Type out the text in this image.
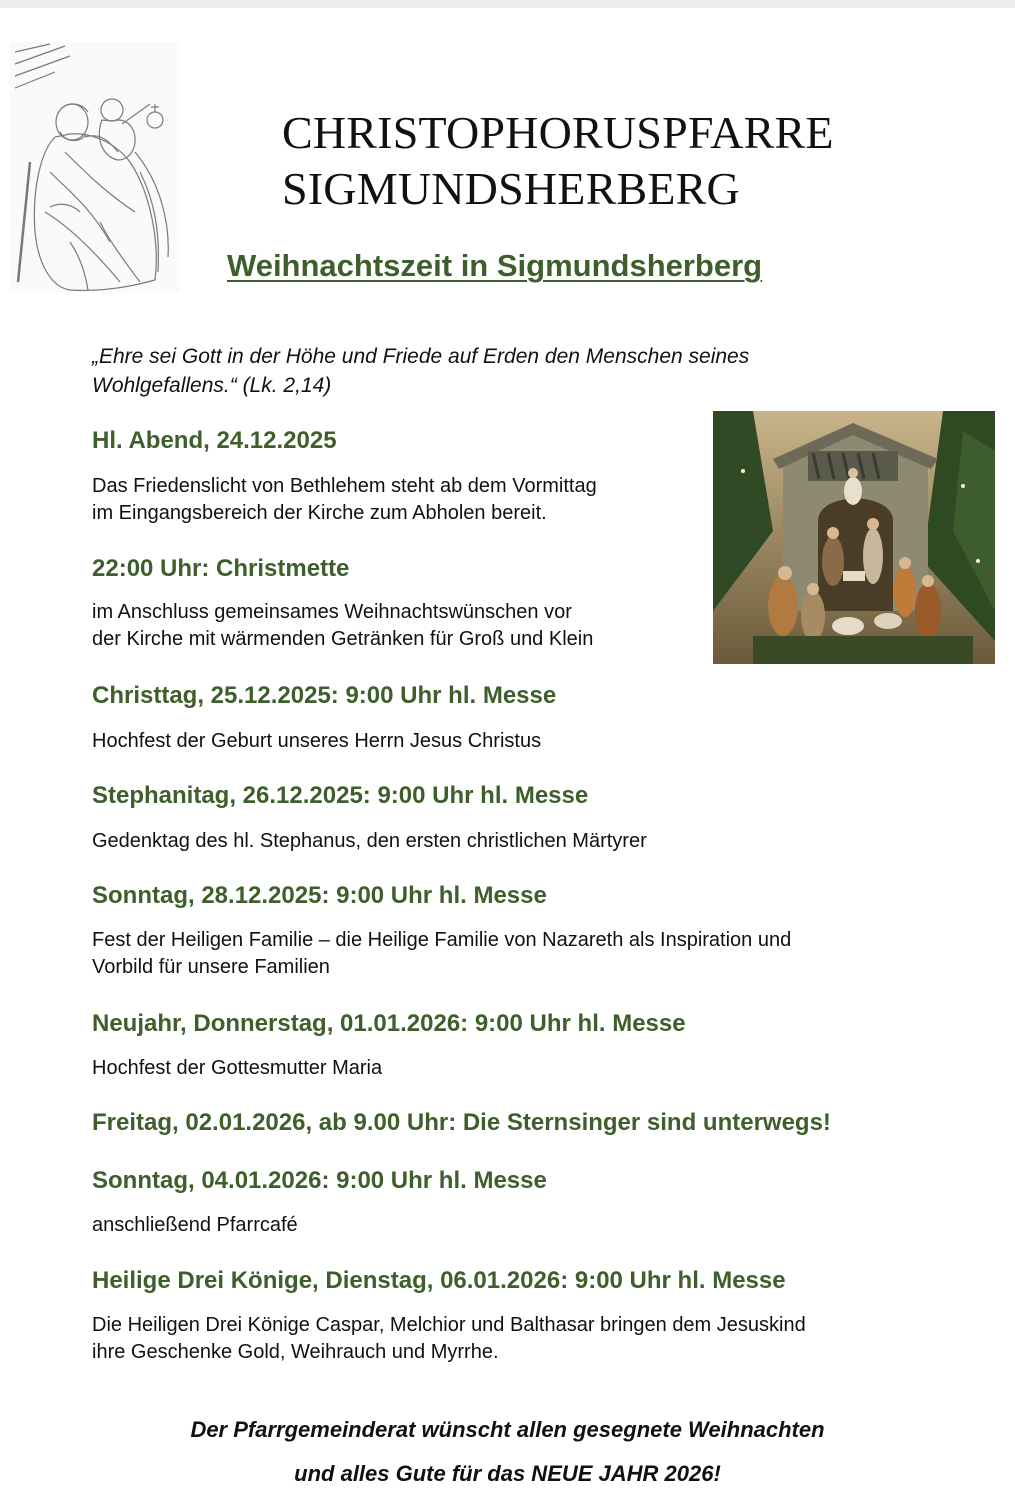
CHRISTOPHORUSPFARRE
SIGMUNDSHERBERG
Weihnachtszeit in Sigmundsherberg

„Ehre sei Gott in der Höhe und Friede auf Erden den Menschen seines
Wohlgefallens.“ (Lk. 2,14)

Hl. Abend, 24.12.2025

Das Friedenslicht von Bethlehem steht ab dem Vormittag
im Eingangsbereich der Kirche zum Abholen bereit.

22:00 Uhr: Christmette

im Anschluss gemeinsames Weihnachtswünschen vor
der Kirche mit wärmenden Getränken für Groß und Klein

Christtag, 25.12.2025: 9:00 Uhr hl. Messe

Hochfest der Geburt unseres Herrn Jesus Christus

Stephanitag, 26.12.2025: 9:00 Uhr hl. Messe

Gedenktag des hl. Stephanus, den ersten christlichen Märtyrer

Sonntag, 28.12.2025: 9:00 Uhr hl. Messe

Fest der Heiligen Familie – die Heilige Familie von Nazareth als Inspiration und
Vorbild für unsere Familien

Neujahr, Donnerstag, 01.01.2026: 9:00 Uhr hl. Messe

Hochfest der Gottesmutter Maria

Freitag, 02.01.2026, ab 9.00 Uhr: Die Sternsinger sind unterwegs!
Sonntag, 04.01.2026: 9:00 Uhr hl. Messe

anschließend Pfarrcafé

Heilige Drei Könige, Dienstag, 06.01.2026: 9:00 Uhr hl. Messe

Die Heiligen Drei Könige Caspar, Melchior und Balthasar bringen dem Jesuskind
ihre Geschenke Gold, Weihrauch und Myrrhe.

Der Pfarrgemeinderat wünscht allen gesegnete Weihnachten
und alles Gute für das NEUE JAHR 2026!
